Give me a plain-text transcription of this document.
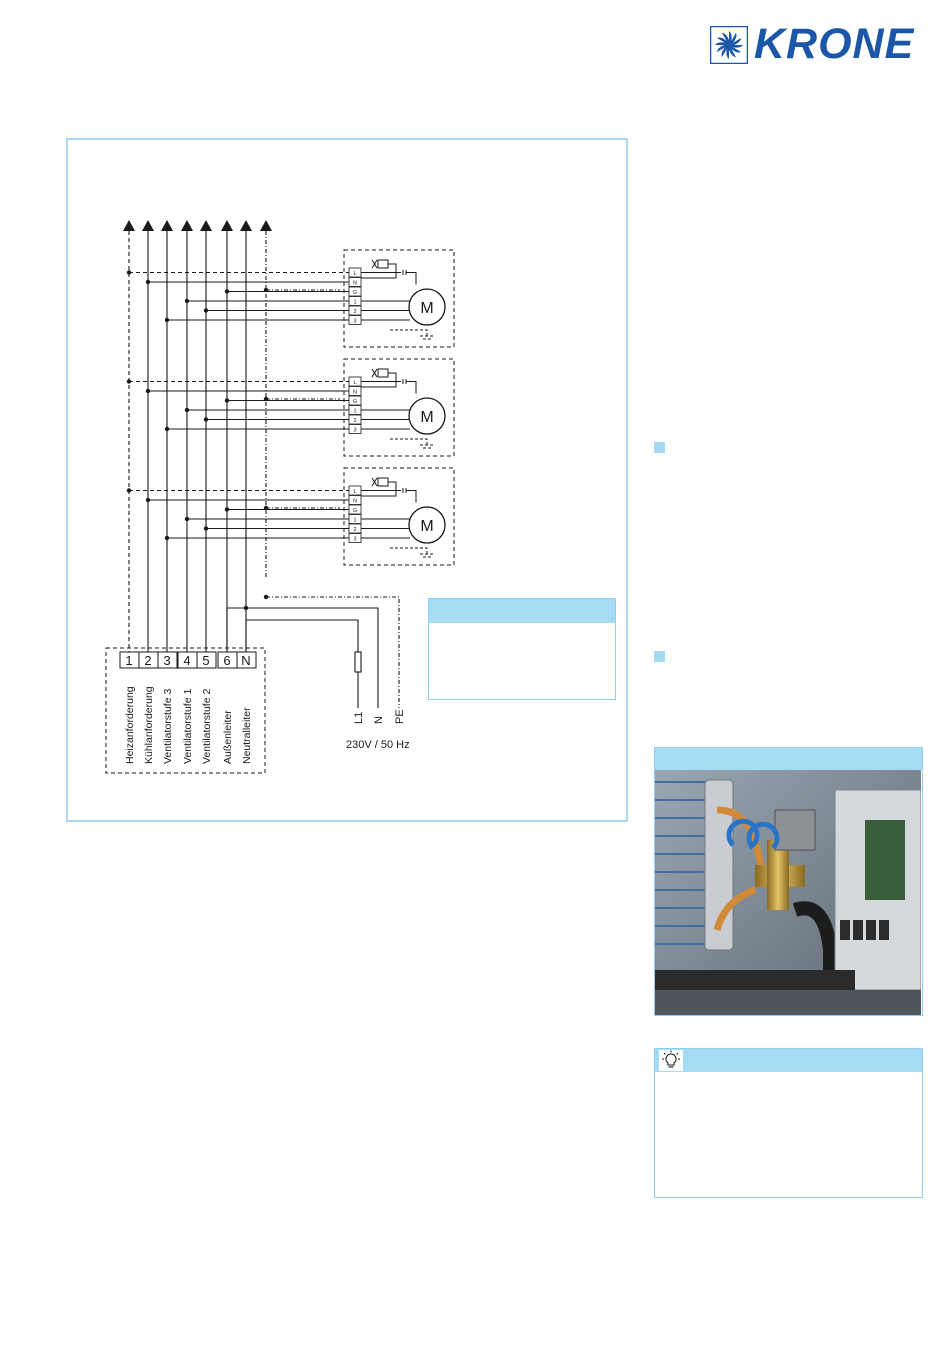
KRONE
L
N
G
1
2
3
M
L
N
G
1
2
3
M
L
N
G
1
2
3
M
L1 N PE
1
Heizanforderung
2
Kühlanforderung
3
Ventilatorstufe 3
4
Ventilatorstufe 1
5
Ventilatorstufe 2
6
Außenleiter
N
Neutralleiter	230V / 50 Hz
